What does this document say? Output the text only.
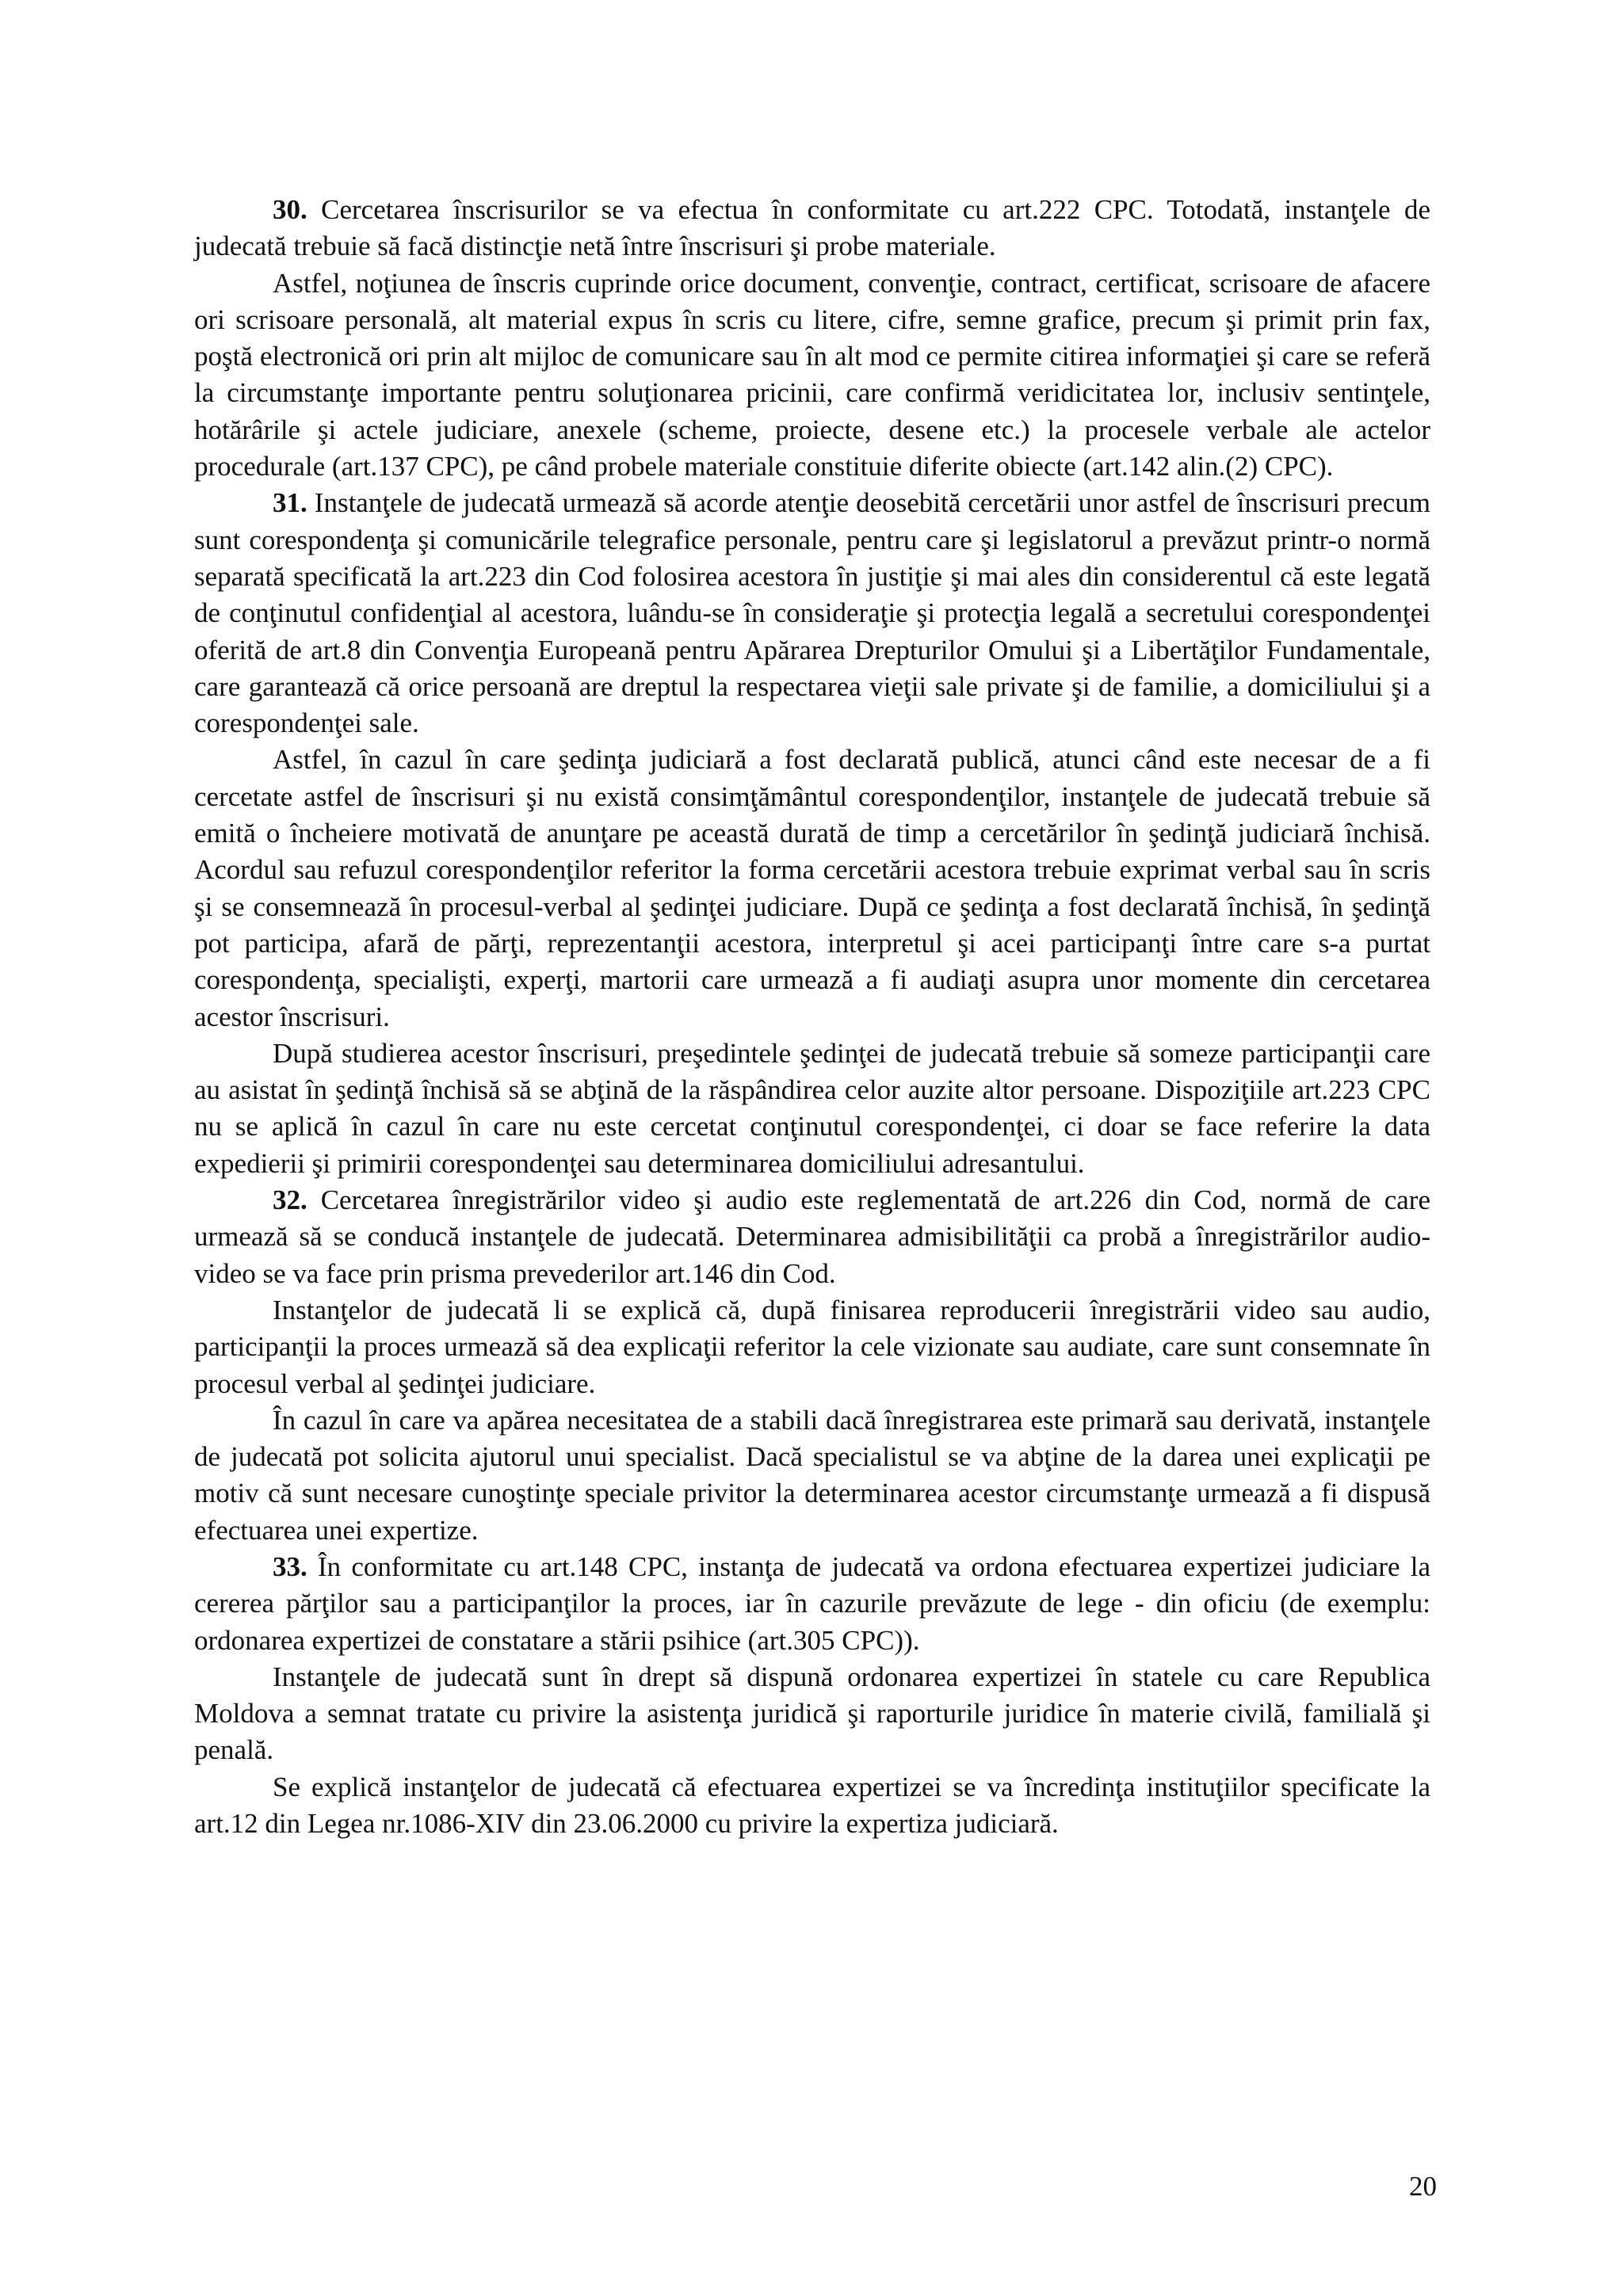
30. Cercetarea înscrisurilor se va efectua în conformitate cu art.222 CPC. Totodată, instanţele de judecată trebuie să facă distincţie netă între înscrisuri şi probe materiale.

Astfel, noţiunea de înscris cuprinde orice document, convenţie, contract, certificat, scrisoare de afacere ori scrisoare personală, alt material expus în scris cu litere, cifre, semne grafice, precum şi primit prin fax, poştă electronică ori prin alt mijloc de comunicare sau în alt mod ce permite citirea informaţiei şi care se referă la circumstanţe importante pentru soluţionarea pricinii, care confirmă veridicitatea lor, inclusiv sentinţele, hotărârile şi actele judiciare, anexele (scheme, proiecte, desene etc.) la procesele verbale ale actelor procedurale (art.137 CPC), pe când probele materiale constituie diferite obiecte (art.142 alin.(2) CPC).

31. Instanţele de judecată urmează să acorde atenţie deosebită cercetării unor astfel de înscrisuri precum sunt corespondenţa şi comunicările telegrafice personale, pentru care şi legislatorul a prevăzut printr-o normă separată specificată la art.223 din Cod folosirea acestora în justiţie şi mai ales din considerentul că este legată de conţinutul confidenţial al acestora, luându-se în consideraţie şi protecţia legală a secretului corespondenţei oferită de art.8 din Convenţia Europeană pentru Apărarea Drepturilor Omului şi a Libertăţilor Fundamentale, care garantează că orice persoană are dreptul la respectarea vieţii sale private şi de familie, a domiciliului şi a corespondenţei sale.

Astfel, în cazul în care şedinţa judiciară a fost declarată publică, atunci când este necesar de a fi cercetate astfel de înscrisuri şi nu există consimţământul corespondenţilor, instanţele de judecată trebuie să emită o încheiere motivată de anunţare pe această durată de timp a cercetărilor în şedinţă judiciară închisă. Acordul sau refuzul corespondenţilor referitor la forma cercetării acestora trebuie exprimat verbal sau în scris şi se consemnează în procesul-verbal al şedinţei judiciare. După ce şedinţa a fost declarată închisă, în şedinţă pot participa, afară de părţi, reprezentanţii acestora, interpretul şi acei participanţi între care s-a purtat corespondenţa, specialişti, experţi, martorii care urmează a fi audiaţi asupra unor momente din cercetarea acestor înscrisuri.

După studierea acestor înscrisuri, preşedintele şedinţei de judecată trebuie să someze participanţii care au asistat în şedinţă închisă să se abţină de la răspândirea celor auzite altor persoane. Dispoziţiile art.223 CPC nu se aplică în cazul în care nu este cercetat conţinutul corespondenţei, ci doar se face referire la data expedierii şi primirii corespondenţei sau determinarea domiciliului adresantului.

32. Cercetarea înregistrărilor video şi audio este reglementată de art.226 din Cod, normă de care urmează să se conducă instanţele de judecată. Determinarea admisibilităţii ca probă a înregistrărilor audio-video se va face prin prisma prevederilor art.146 din Cod.

Instanţelor de judecată li se explică că, după finisarea reproducerii înregistrării video sau audio, participanţii la proces urmează să dea explicaţii referitor la cele vizionate sau audiate, care sunt consemnate în procesul verbal al şedinţei judiciare.

În cazul în care va apărea necesitatea de a stabili dacă înregistrarea este primară sau derivată, instanţele de judecată pot solicita ajutorul unui specialist. Dacă specialistul se va abţine de la darea unei explicaţii pe motiv că sunt necesare cunoştinţe speciale privitor la determinarea acestor circumstanţe urmează a fi dispusă efectuarea unei expertize.

33. În conformitate cu art.148 CPC, instanţa de judecată va ordona efectuarea expertizei judiciare la cererea părţilor sau a participanţilor la proces, iar în cazurile prevăzute de lege - din oficiu (de exemplu: ordonarea expertizei de constatare a stării psihice (art.305 CPC)).

Instanţele de judecată sunt în drept să dispună ordonarea expertizei în statele cu care Republica Moldova a semnat tratate cu privire la asistenţa juridică şi raporturile juridice în materie civilă, familială şi penală.

Se explică instanţelor de judecată că efectuarea expertizei se va încredinţa instituţiilor specificate la art.12 din Legea nr.1086-XIV din 23.06.2000 cu privire la expertiza judiciară.

20
